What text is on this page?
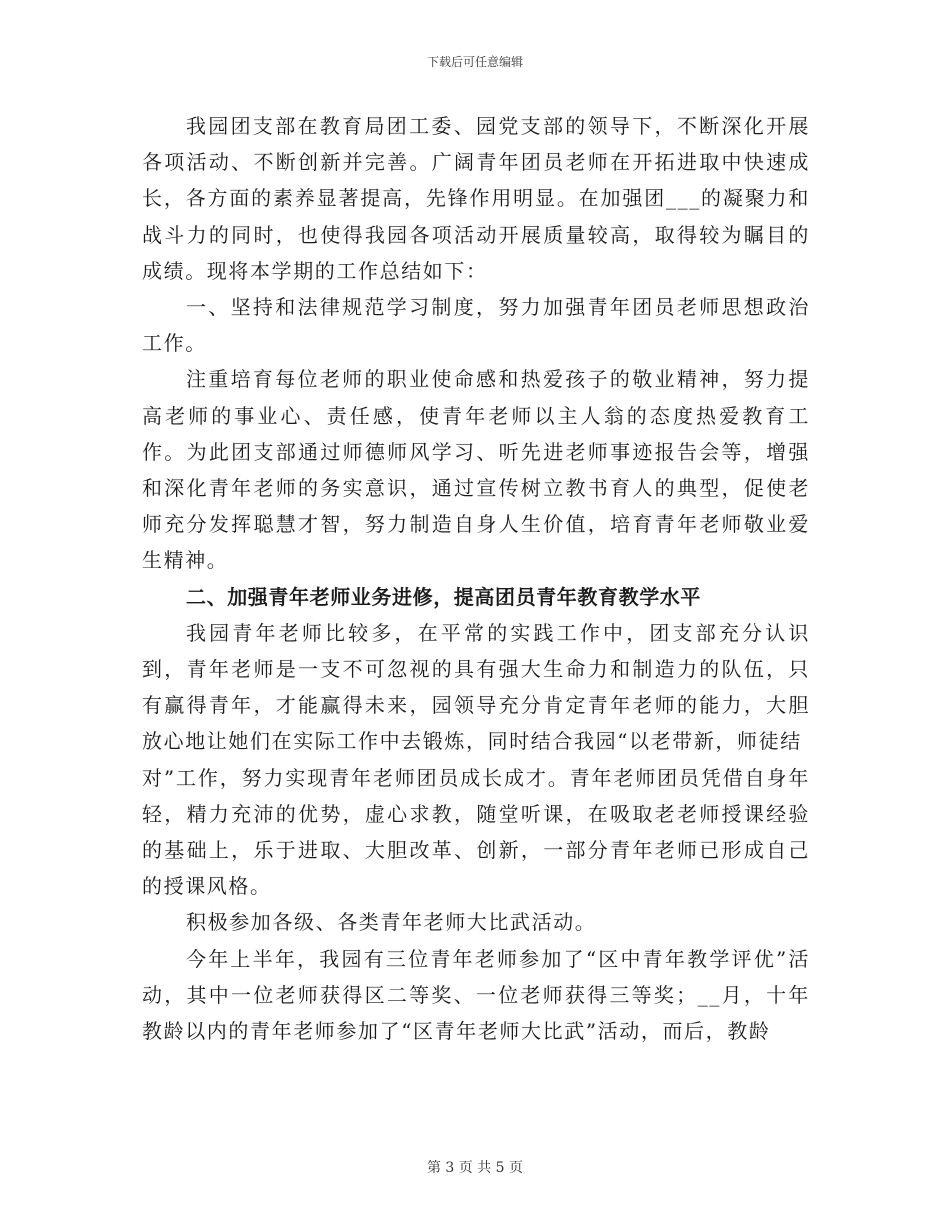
下载后可任意编辑

我园团支部在教育局团工委、园党支部的领导下，不断深化开展各项活动、不断创新并完善。广阔青年团员老师在开拓进取中快速成长，各方面的素养显著提高，先锋作用明显。在加强团___的凝聚力和战斗力的同时，也使得我园各项活动开展质量较高，取得较为瞩目的成绩。现将本学期的工作总结如下：

一、坚持和法律规范学习制度，努力加强青年团员老师思想政治工作。

注重培育每位老师的职业使命感和热爱孩子的敬业精神，努力提高老师的事业心、责任感，使青年老师以主人翁的态度热爱教育工作。为此团支部通过师德师风学习、听先进老师事迹报告会等，增强和深化青年老师的务实意识，通过宣传树立教书育人的典型，促使老师充分发挥聪慧才智，努力制造自身人生价值，培育青年老师敬业爱生精神。

二、加强青年老师业务进修，提高团员青年教育教学水平

我园青年老师比较多，在平常的实践工作中，团支部充分认识到，青年老师是一支不可忽视的具有强大生命力和制造力的队伍，只有赢得青年，才能赢得未来，园领导充分肯定青年老师的能力，大胆放心地让她们在实际工作中去锻炼，同时结合我园“以老带新，师徒结
对”工作，努力实现青年老师团员成长成才。青年老师团员凭借自身年轻，精力充沛的优势，虚心求教，随堂听课，在吸取老老师授课经验的基础上，乐于进取、大胆改革、创新，一部分青年老师已形成自己的授课风格。

积极参加各级、各类青年老师大比武活动。

今年上半年，我园有三位青年老师参加了“区中青年教学评优”活动，其中一位老师获得区二等奖、一位老师获得三等奖；__月，十年教龄以内的青年老师参加了“区青年老师大比武”活动，而后，教龄

第 3 页 共 5 页
